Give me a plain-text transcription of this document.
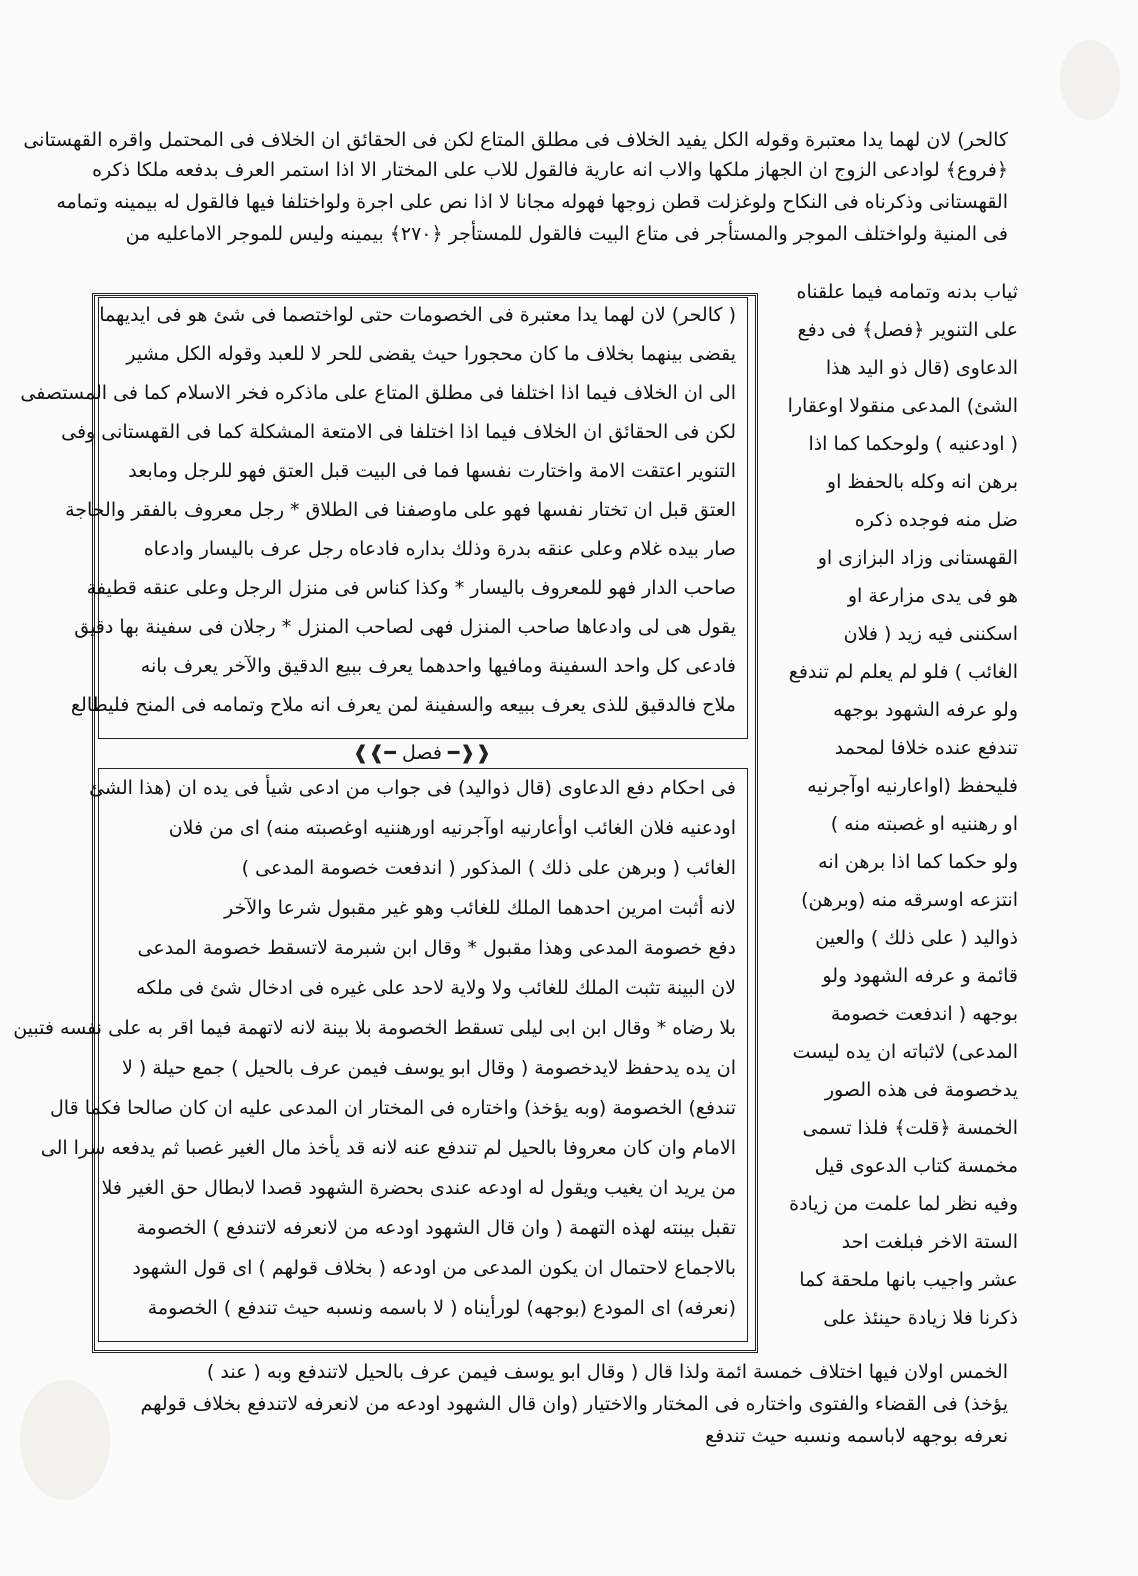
كالحر) لان لهما يدا معتبرة وقوله الكل يفيد الخلاف فى مطلق المتاع لكن فى الحقائق ان الخلاف فى المحتمل واقره القهستانى
﴿فروع﴾ لوادعى الزوج ان الجهاز ملكها والاب انه عارية فالقول للاب على المختار الا اذا استمر العرف بدفعه ملكا ذكره
القهستانى وذكرناه فى النكاح ولوغزلت قطن زوجها فهوله مجانا لا اذا نص على اجرة ولواختلفا فيها فالقول له بيمينه وتمامه
فى المنية ولواختلف الموجر والمستأجر فى متاع البيت فالقول للمستأجر ﴿٢٧٠﴾ بيمينه وليس للموجر الاماعليه من
ثياب بدنه وتمامه فيما علقناه
على التنوير ﴿فصل﴾ فى دفع
الدعاوى (قال ذو اليد هذا
الشئ) المدعى منقولا اوعقارا
( اودعنيه ) ولوحكما كما اذا
برهن انه وكله بالحفظ او
ضل منه فوجده ذكره
القهستانى وزاد البزازى او
هو فى يدى مزارعة او
اسكننى فيه زيد ( فلان
الغائب ) فلو لم يعلم لم تندفع
ولو عرفه الشهود بوجهه
تندفع عنده خلافا لمحمد
فليحفظ (اواعارنيه اوآجرنيه
او رهننيه او غصبته منه )
ولو حكما كما اذا برهن انه
انتزعه اوسرقه منه (وبرهن)
ذواليد ( على ذلك ) والعين
قائمة و عرفه الشهود ولو
بوجهه ( اندفعت خصومة
المدعى) لاثباته ان يده ليست
يدخصومة فى هذه الصور
الخمسة ﴿قلت﴾ فلذا تسمى
مخمسة كتاب الدعوى قيل
وفيه نظر لما علمت من زيادة
الستة الاخر فبلغت احد
عشر واجيب بانها ملحقة كما
ذكرنا فلا زيادة حينئذ على
( كالحر) لان لهما يدا معتبرة فى الخصومات حتى لواختصما فى شئ هو فى ايديهما
يقضى بينهما بخلاف ما كان محجورا حيث يقضى للحر لا للعبد وقوله الكل مشير
الى ان الخلاف فيما اذا اختلفا فى مطلق المتاع على ماذكره فخر الاسلام كما فى المستصفى
لكن فى الحقائق ان الخلاف فيما اذا اختلفا فى الامتعة المشكلة كما فى القهستانى وفى
التنوير اعتقت الامة واختارت نفسها فما فى البيت قبل العتق فهو للرجل ومابعد
العتق قبل ان تختار نفسها فهو على ماوصفنا فى الطلاق * رجل معروف بالفقر والحاجة
صار بيده غلام وعلى عنقه بدرة وذلك بداره فادعاه رجل عرف باليسار وادعاه
صاحب الدار فهو للمعروف باليسار * وكذا كناس فى منزل الرجل وعلى عنقه قطيفة
يقول هى لى وادعاها صاحب المنزل فهى لصاحب المنزل * رجلان فى سفينة بها دقيق
فادعى كل واحد السفينة ومافيها واحدهما يعرف ببيع الدقيق والآخر يعرف بانه
ملاح فالدقيق للذى يعرف ببيعه والسفينة لمن يعرف انه ملاح وتمامه فى المنح فليطالع
❰❰━ فصل ━❱❱
فى احكام دفع الدعاوى (قال ذواليد) فى جواب من ادعى شيأ فى يده ان (هذا الشئ
اودعنيه فلان الغائب اوأعارنيه اوآجرنيه اورهننيه اوغصبته منه) اى من فلان
الغائب ( وبرهن على ذلك ) المذكور ( اندفعت خصومة المدعى )
لانه أثبت امرين احدهما الملك للغائب وهو غير مقبول شرعا والآخر
دفع خصومة المدعى وهذا مقبول * وقال ابن شبرمة لاتسقط خصومة المدعى
لان البينة تثبت الملك للغائب ولا ولاية لاحد على غيره فى ادخال شئ فى ملكه
بلا رضاه * وقال ابن ابى ليلى تسقط الخصومة بلا بينة لانه لاتهمة فيما اقر به على نفسه فتبين
ان يده يدحفظ لايدخصومة ( وقال ابو يوسف فيمن عرف بالحيل ) جمع حيلة ( لا
تندفع) الخصومة (وبه يؤخذ) واختاره فى المختار ان المدعى عليه ان كان صالحا فكما قال
الامام وان كان معروفا بالحيل لم تندفع عنه لانه قد يأخذ مال الغير غصبا ثم يدفعه سرا الى
من يريد ان يغيب ويقول له اودعه عندى بحضرة الشهود قصدا لابطال حق الغير فلا
تقبل بينته لهذه التهمة ( وان قال الشهود اودعه من لانعرفه لاتندفع ) الخصومة
بالاجماع لاحتمال ان يكون المدعى من اودعه ( بخلاف قولهم ) اى قول الشهود
(نعرفه) اى المودع (بوجهه) لورأيناه ( لا باسمه ونسبه حيث تندفع ) الخصومة
الخمس اولان فيها اختلاف خمسة ائمة ولذا قال ( وقال ابو يوسف فيمن عرف بالحيل لاتندفع وبه ( عند )
يؤخذ) فى القضاء والفتوى واختاره فى المختار والاختيار (وان قال الشهود اودعه من لانعرفه لاتندفع بخلاف قولهم
نعرفه بوجهه لاباسمه ونسبه حيث تندفع
